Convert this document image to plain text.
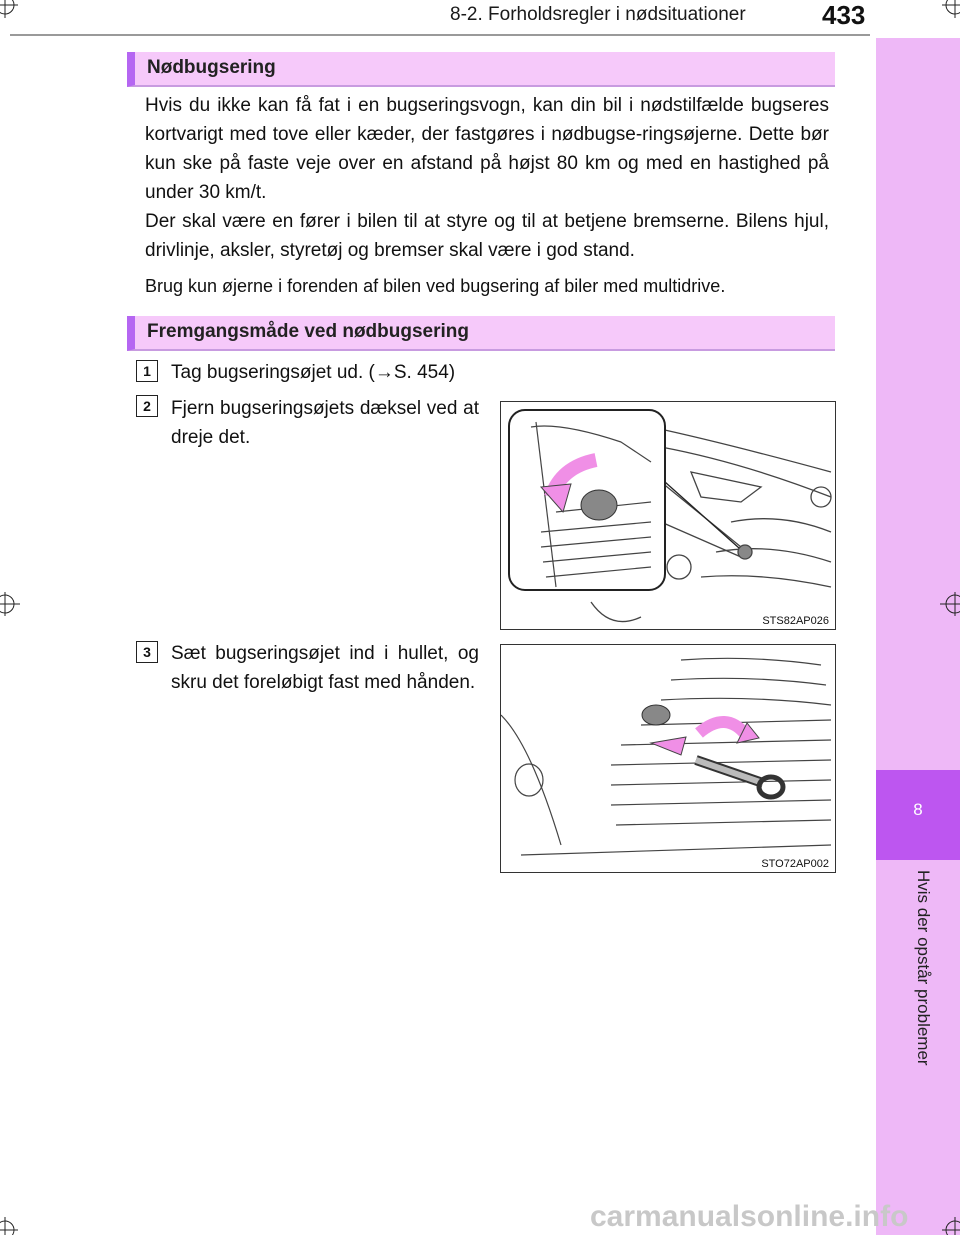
8-2. Forholdsregler i nødsituationer	433
8
Hvis der opstår problemer
Nødbugsering

Hvis du ikke kan få fat i en bugseringsvogn, kan din bil i nødstilfælde bugseres kortvarigt med tove eller kæder, der fastgøres i nødbugse-ringsøjerne. Dette bør kun ske på faste veje over en afstand på højst 80 km og med en hastighed på under 30 km/t.

Der skal være en fører i bilen til at styre og til at betjene bremserne. Bilens hjul, drivlinje, aksler, styretøj og bremser skal være i god stand.

Brug kun øjerne i forenden af bilen ved bugsering af biler med multidrive.

Fremgangsmåde ved nødbugsering
1	Tag bugseringsøjet ud. (→S. 454)

2	Fjern bugseringsøjets dæksel ved at dreje det.

STS82AP026
3	Sæt bugseringsøjet ind i hullet, og skru det foreløbigt fast med hånden.

STO72AP002
carmanualsonline.info
